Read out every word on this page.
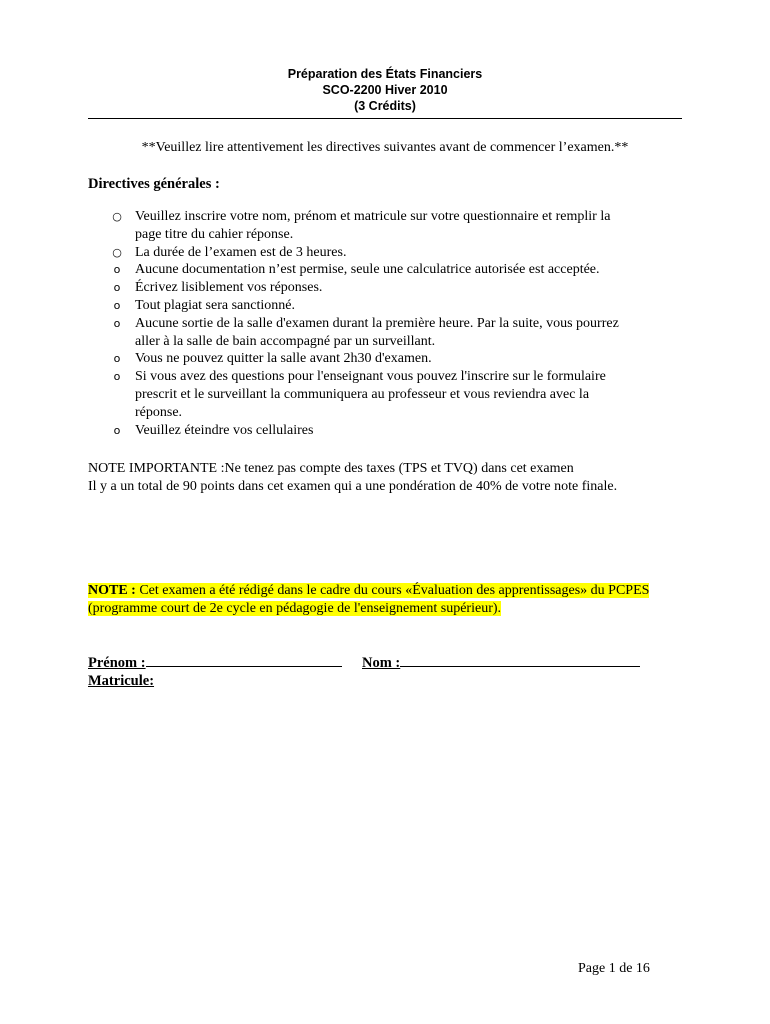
Préparation des États Financiers
SCO-2200 Hiver 2010
(3 Crédits)
**Veuillez lire attentivement les directives suivantes avant de commencer l’examen.**
Directives générales :
○ Veuillez inscrire votre nom, prénom et matricule sur votre questionnaire et remplir la
page titre du cahier réponse.
○ La durée de l’examen est de 3 heures.
o Aucune documentation n’est permise, seule une calculatrice autorisée est acceptée.
o Écrivez lisiblement vos réponses.
o Tout plagiat sera sanctionné.
o Aucune sortie de la salle d'examen durant la première heure. Par la suite, vous pourrez
aller à la salle de bain accompagné par un surveillant.
o Vous ne pouvez quitter la salle avant 2h30 d'examen.
o Si vous avez des questions pour l'enseignant vous pouvez l'inscrire sur le formulaire
prescrit et le surveillant la communiquera au professeur et vous reviendra avec la
réponse.
o Veuillez éteindre vos cellulaires
NOTE IMPORTANTE :Ne tenez pas compte des taxes (TPS et TVQ) dans cet examen
Il y a un total de 90 points dans cet examen qui a une pondération de 40% de votre note finale.
NOTE : Cet examen a été rédigé dans le cadre du cours «Évaluation des apprentissages» du PCPES
(programme court de 2e cycle en pédagogie de l'enseignement supérieur).
Prénom :	Nom :
Matricule:
Page 1 de 16
